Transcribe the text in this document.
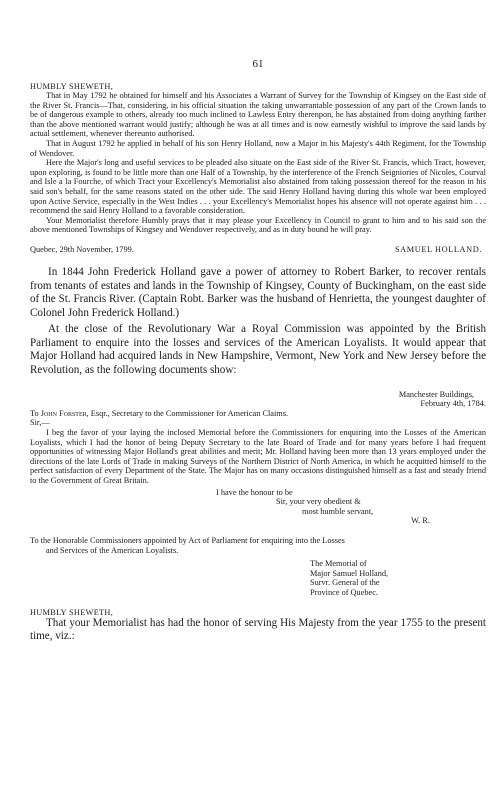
61
HUMBLY SHEWETH,

That in May 1792 he obtained for himself and his Associates a Warrant of Survey for the Township of Kingsey on the East side of the River St. Francis—That, considering, in his official situation the taking unwarrantable possession of any part of the Crown lands to be of dangerous example to others, already too much inclined to Lawless Entry therenpon, he has abstained from doing anything farther than the above mentioned warrant would justify; although he was at all times and is now earnestly wishful to improve the said lands by actual settlement, whenever thereunto authorised.

That in August 1792 he applied in behalf of his son Henry Holland, now a Major in his Majesty's 44th Regiment, for the Township of Wendover.

Here the Major's long and useful services to be pleaded also situate on the East side of the River St. Francis, which Tract, however, upon exploring, is found to be little more than one Half of a Township, by the interference of the French Seigniories of Nicoles, Courval and Isle a la Fourche, of which Tract your Excellency's Memorialist also abstained from taking possession thereof for the reason in his said son's behalf, for the same reasons stated on the other side. The said Henry Holland having during this whole war been employed upon Active Service, especially in the West Indies . . . your Excellency's Memorialist hopes his absence will not operate against him . . . recommend the said Henry Holland to a favorable consideration.

Your Memorialist therefore Humbly prays that it may please your Excellency in Council to grant to him and to his said son the above mentioned Townships of Kingsey and Wendover respectively, and as in duty bound he will pray.

Quebec, 29th November, 1799.	SAMUEL HOLLAND.

In 1844 John Frederick Holland gave a power of attorney to Robert Barker, to recover rentals from tenants of estates and lands in the Township of Kingsey, County of Buckingham, on the east side of the St. Francis River. (Captain Robt. Barker was the husband of Henrietta, the youngest daughter of Colonel John Frederick Holland.)

At the close of the Revolutionary War a Royal Commission was appointed by the British Parliament to enquire into the losses and services of the American Loyalists. It would appear that Major Holland had acquired lands in New Hampshire, Vermont, New York and New Jersey before the Revolution, as the following documents show:

Manchester Buildings,
February 4th, 1784.

To John Forster, Esqr., Secretary to the Commissioner for American Claims.

Sir,—

I beg the favor of your laying the inclosed Memorial before the Commissioners for enquiring into the Losses of the American Loyalists, which I had the honor of being Deputy Secretary to the late Board of Trade and for many years before I had frequent opportunities of witnessing Major Holland's great abilities and merit; Mr. Holland having been more than 13 years employed under the directions of the late Lords of Trade in making Surveys of the Northern District of North America, in which he acquitted himself to the perfect satisfaction of every Department of the State. The Major has on many occasions distinguished himself as a fast and steady friend to the Government of Great Britain.

I have the honour to be
Sir, your very obedient &
most humble servant,
W. R.

To the Honorable Commissioners appointed by Act of Parliament for enquiring into the Losses

and Services of the American Loyalists.

The Memorial of
Major Samuel Holland,
Survr. General of the
Province of Quebec.
HUMBLY SHEWETH,

That your Memorialist has had the honor of serving His Majesty from the year 1755 to the present time, viz.:
